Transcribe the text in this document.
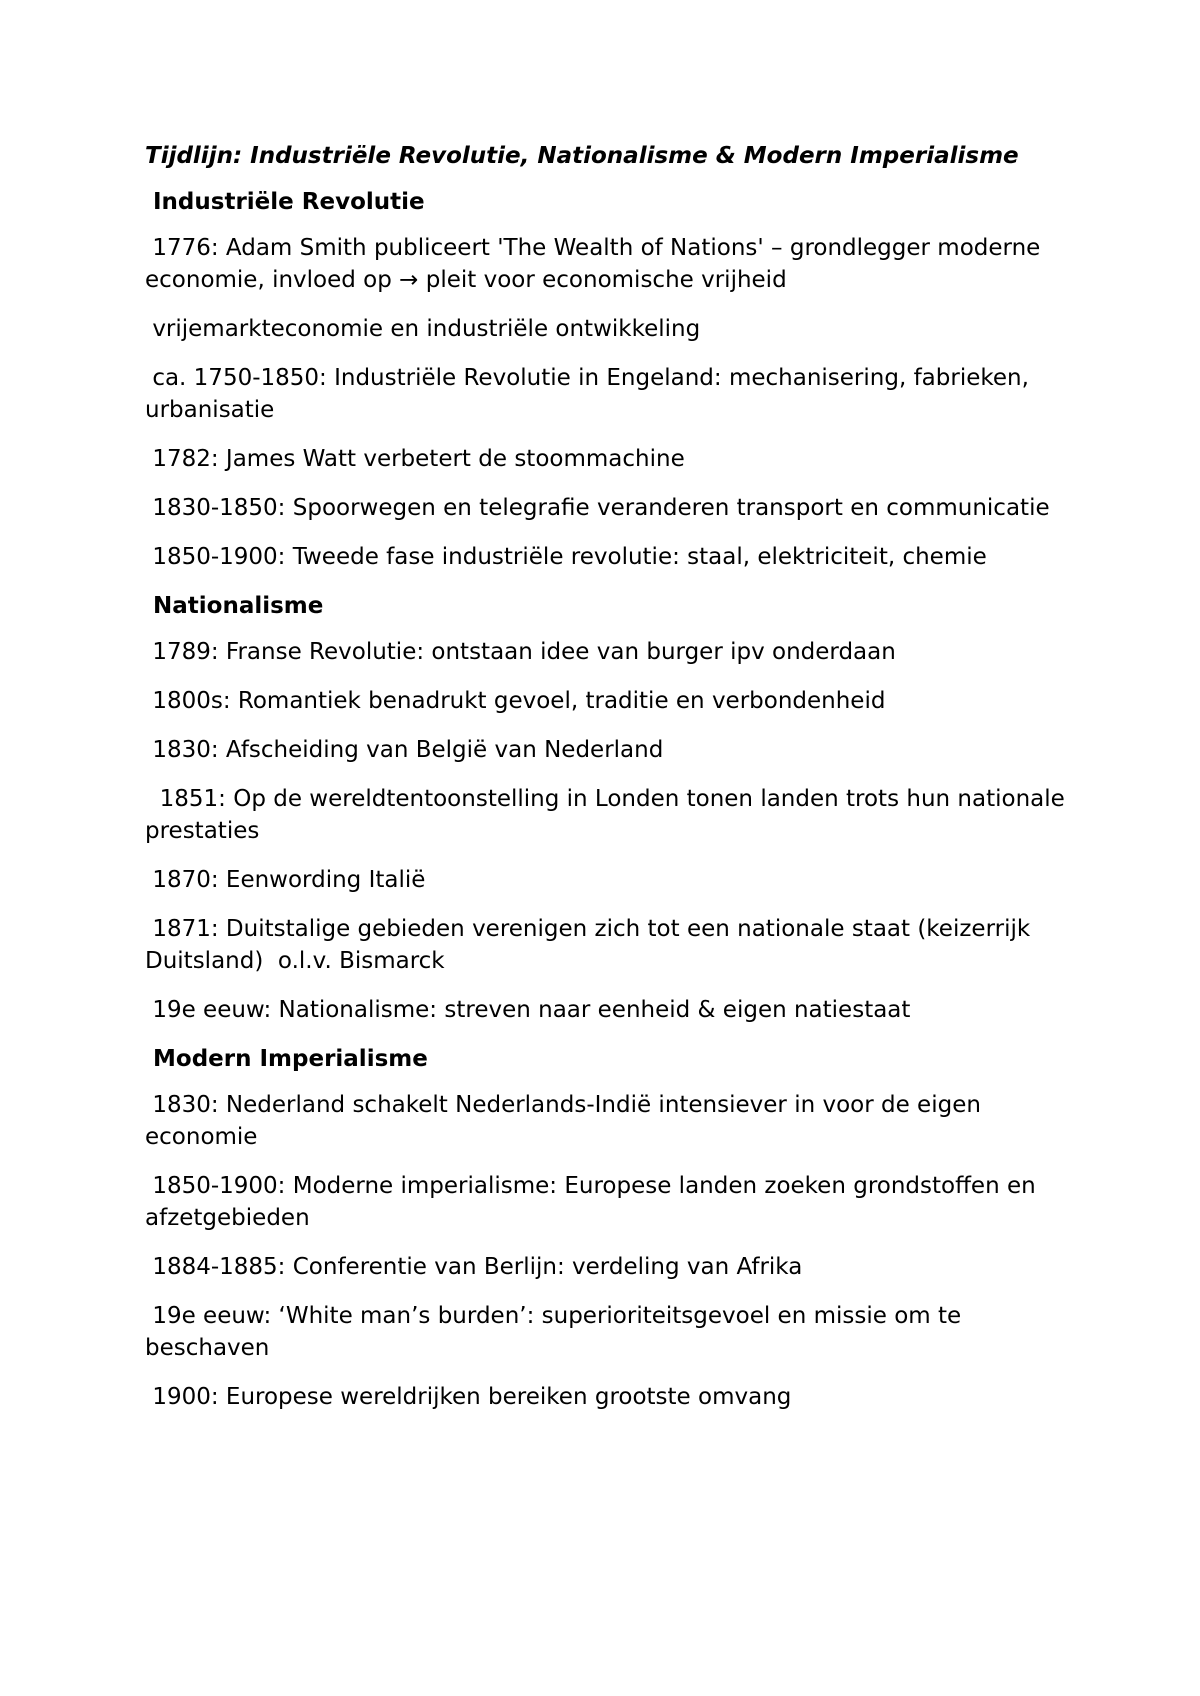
Tijdlijn: Industriële Revolutie, Nationalisme & Modern Imperialisme
Industriële Revolutie

1776: Adam Smith publiceert 'The Wealth of Nations' – grondlegger moderne economie, invloed op → pleit voor economische vrijheid

vrijemarkteconomie en industriële ontwikkeling

ca. 1750-1850: Industriële Revolutie in Engeland: mechanisering, fabrieken, urbanisatie

1782: James Watt verbetert de stoommachine

1830-1850: Spoorwegen en telegrafie veranderen transport en communicatie

1850-1900: Tweede fase industriële revolutie: staal, elektriciteit, chemie

Nationalisme

1789: Franse Revolutie: ontstaan idee van burger ipv onderdaan

1800s: Romantiek benadrukt gevoel, traditie en verbondenheid

1830: Afscheiding van België van Nederland

1851: Op de wereldtentoonstelling in Londen tonen landen trots hun nationale prestaties

1870: Eenwording Italië

1871: Duitstalige gebieden verenigen zich tot een nationale staat (keizerrijk Duitsland)  o.l.v. Bismarck

19e eeuw: Nationalisme: streven naar eenheid & eigen natiestaat

Modern Imperialisme

1830: Nederland schakelt Nederlands-Indië intensiever in voor de eigen economie

1850-1900: Moderne imperialisme: Europese landen zoeken grondstoffen en afzetgebieden

1884-1885: Conferentie van Berlijn: verdeling van Afrika

19e eeuw: ‘White man’s burden’: superioriteitsgevoel en missie om te beschaven

1900: Europese wereldrijken bereiken grootste omvang
